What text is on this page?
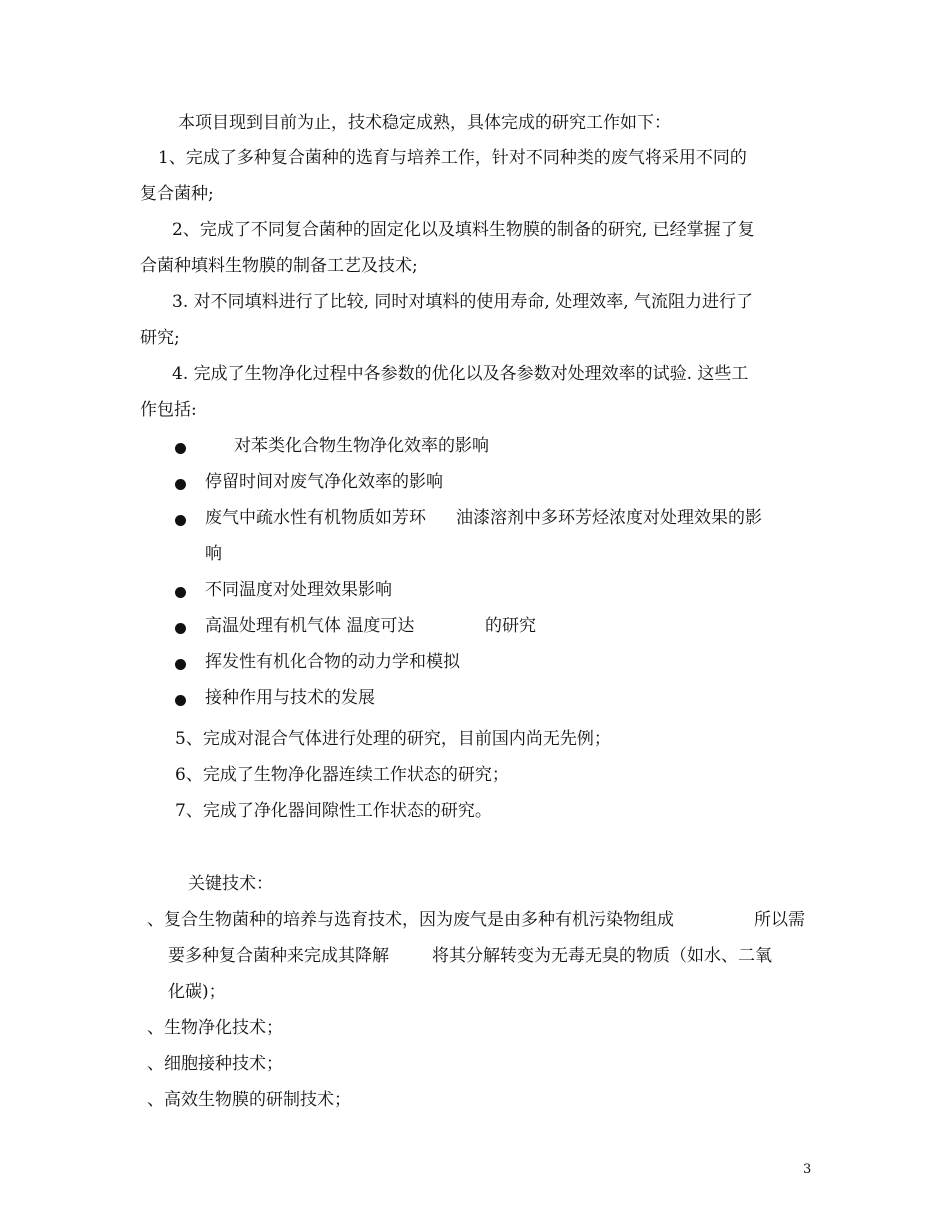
本项目现到目前为止，技术稳定成熟，具体完成的研究工作如下：
1、完成了多种复合菌种的选育与培养工作，针对不同种类的废气将采用不同的
复合菌种;
2、完成了不同复合菌种的固定化以及填料生物膜的制备的研究, 已经掌握了复
合菌种填料生物膜的制备工艺及技术;
3. 对不同填料进行了比较, 同时对填料的使用寿命, 处理效率, 气流阻力进行了
研究;
4. 完成了生物净化过程中各参数的优化以及各参数对处理效率的试验. 这些工
作包括:
对苯类化合物生物净化效率的影响
停留时间对废气净化效率的影响
废气中疏水性有机物质如芳环 油漆溶剂中多环芳烃浓度对处理效果的影
响
不同温度对处理效果影响
高温处理有机气体 温度可达	的研究
挥发性有机化合物的动力学和模拟
接种作用与技术的发展
5、完成对混合气体进行处理的研究，目前国内尚无先例；
6、完成了生物净化器连续工作状态的研究；
7、完成了净化器间隙性工作状态的研究。
关键技术：
、复合生物菌种的培养与选育技术，因为废气是由多种有机污染物组成	所以需
要多种复合菌种来完成其降解	将其分解转变为无毒无臭的物质（如水、二氧
化碳)；
、生物净化技术；
、细胞接种技术；
、高效生物膜的研制技术；
3
